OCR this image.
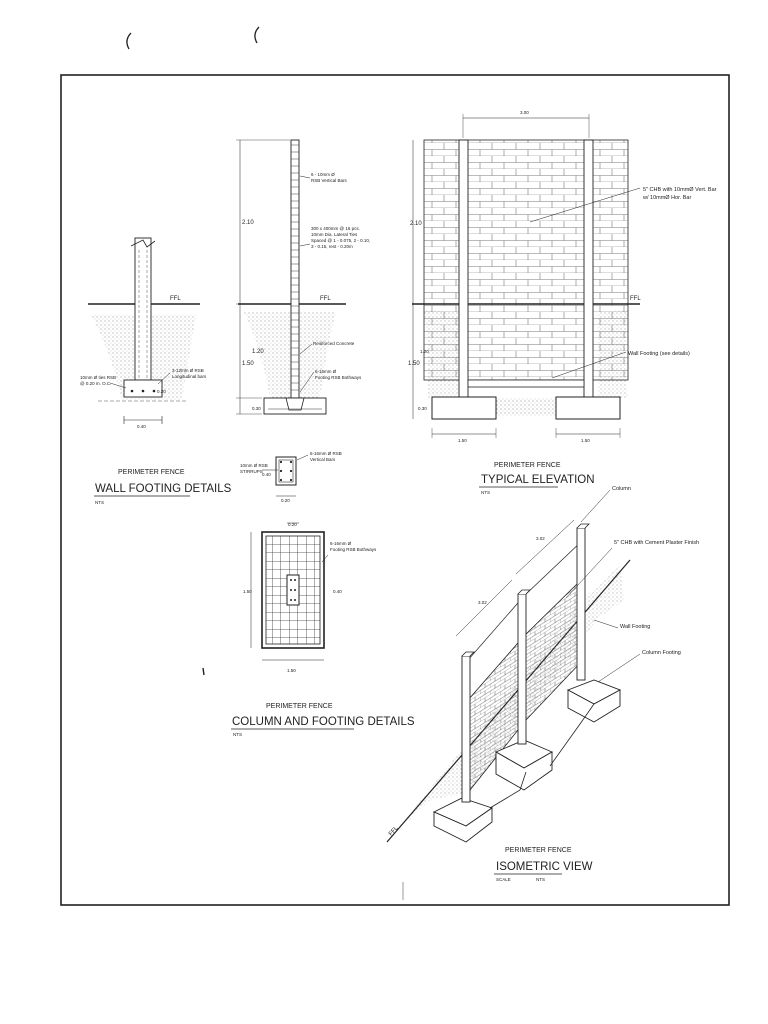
FFL
10mm Ø ties RSB @ 0.20 m. O.C.
3-12mm Ø RSB Longitudinal bars
0.20
0.40
PERIMETER FENCE
WALL FOOTING DETAILS
NTS
FFL
2.10
1.20
1.50
0.30
6 - 10mm Ø RSB Vertical Bars
300 x 400mm @ 16 pcs. 10mm Dia. Lateral Ties Spaced @ 1 - 0.075, 2 - 0.10, 3 - 0.15, rest - 0.20m
Reinforced Concrete
6-16mm Ø Footing RSB Bothways
3.00
FFL
2.10
1.20
1.50
0.30
1.50	1.50
5" CHB with 10mmØ Vert. Bar w/ 10mmØ Hor. Bar
Wall Footing (see details)
PERIMETER FENCE
TYPICAL ELEVATION
NTS
6-16mm Ø RSB Vertical Bars
10mm Ø RSB STIRRUPS
0.40
0.20
0.20
1.50	0.40
1.50
6-16mm Ø Footing RSB Bothways
PERIMETER FENCE
COLUMN AND FOOTING DETAILS
NTS
Column
5" CHB with Cement Plaster Finish
Wall Footing
Column Footing
3.02
3.02
FFL
PERIMETER FENCE
ISOMETRIC VIEW
SCALE	NTS
